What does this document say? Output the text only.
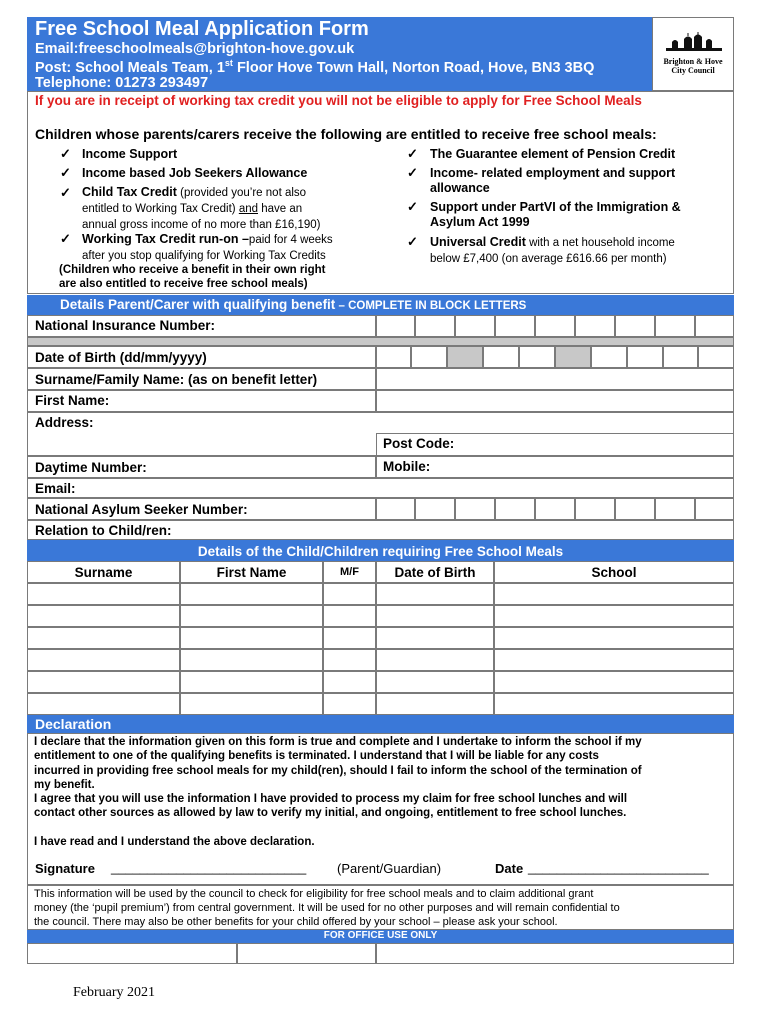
Free School Meal Application Form
Email:freeschoolmeals@brighton-hove.gov.uk
Post: School Meals Team, 1st Floor Hove Town Hall, Norton Road, Hove, BN3 3BQ
Telephone: 01273 293497
Brighton & Hove
City Council
If you are in receipt of working tax credit you will not be eligible to apply for Free School Meals
Children whose parents/carers receive the following are entitled to receive free school meals:
✓ Income Support
✓ Income based Job Seekers Allowance
✓ Child Tax Credit (provided you’re not also
entitled to Working Tax Credit) and have an
annual gross income of no more than £16,190)
✓ Working Tax Credit run-on –paid for 4 weeks
after you stop qualifying for Working Tax Credits
(Children who receive a benefit in their own right
are also entitled to receive free school meals)
✓ The Guarantee element of Pension Credit
✓ Income- related employment and support
allowance
✓ Support under PartVI of the Immigration &
Asylum Act 1999
✓ Universal Credit with a net household income
below £7,400 (on average £616.66 per month)
Details Parent/Carer with qualifying benefit – COMPLETE IN BLOCK LETTERS
National Insurance Number:
Date of Birth (dd/mm/yyyy)
Surname/Family Name: (as on benefit letter)
First Name:
Address:
Post Code:
Daytime Number:	Mobile:
Email:
National Asylum Seeker Number:
Relation to Child/ren:
Details of the Child/Children requiring Free School Meals
Surname	First Name	M/F	Date of Birth	School
Declaration
I declare that the information given on this form is true and complete and I undertake to inform the school if my
entitlement to one of the qualifying benefits is terminated. I understand that I will be liable for any costs
incurred in providing free school meals for my child(ren), should I fail to inform the school of the termination of
my benefit.
I agree that you will use the information I have provided to process my claim for free school lunches and will
contact other sources as allowed by law to verify my initial, and ongoing, entitlement to free school lunches.
I have read and I understand the above declaration.
Signature ___________________________ (Parent/Guardian)	Date _________________________
This information will be used by the council to check for eligibility for free school meals and to claim additional grant
money (the ‘pupil premium’) from central government. It will be used for no other purposes and will remain confidential to
the council. There may also be other benefits for your child offered by your school – please ask your school.
FOR OFFICE USE ONLY
February 2021
